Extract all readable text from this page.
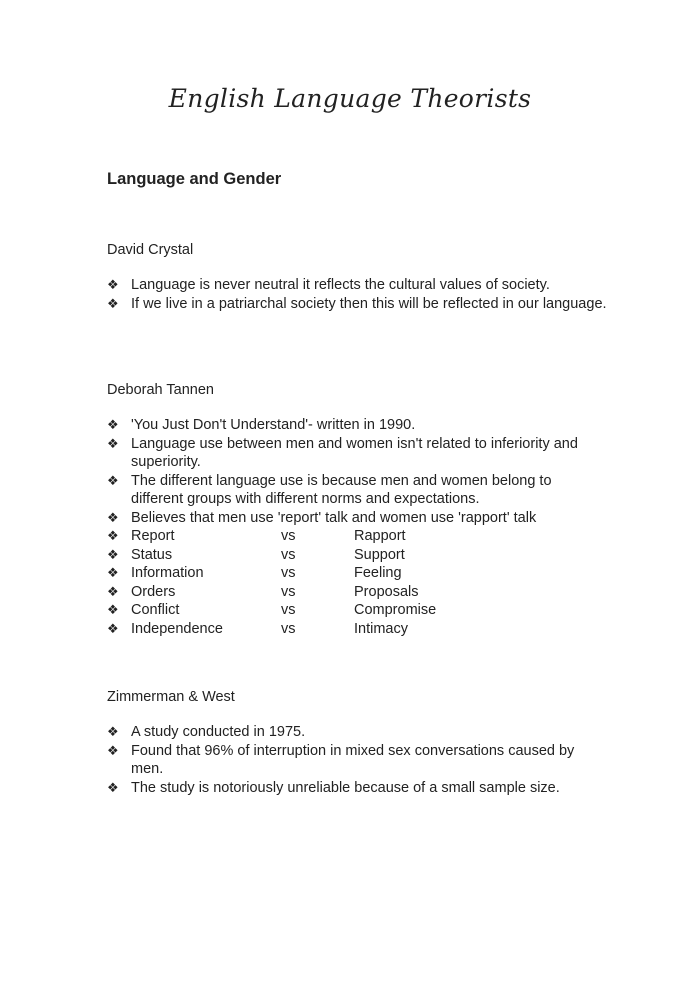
English Language Theorists
Language and Gender

David Crystal

❖ Language is never neutral it reflects the cultural values of society.
❖ If we live in a patriarchal society then this will be reflected in our language.

Deborah Tannen

❖ 'You Just Don't Understand'- written in 1990.
❖ Language use between men and women isn't related to inferiority and superiority.
❖ The different language use is because men and women belong to different groups with different norms and expectations.
❖ Believes that men use 'report' talk and women use 'rapport' talk
❖ Report	vs	Rapport
❖ Status	vs	Support
❖ Information	vs	Feeling
❖ Orders	vs	Proposals
❖ Conflict	vs	Compromise
❖ Independence	vs	Intimacy

Zimmerman & West

❖ A study conducted in 1975.
❖ Found that 96% of interruption in mixed sex conversations caused by men.
❖ The study is notoriously unreliable because of a small sample size.
